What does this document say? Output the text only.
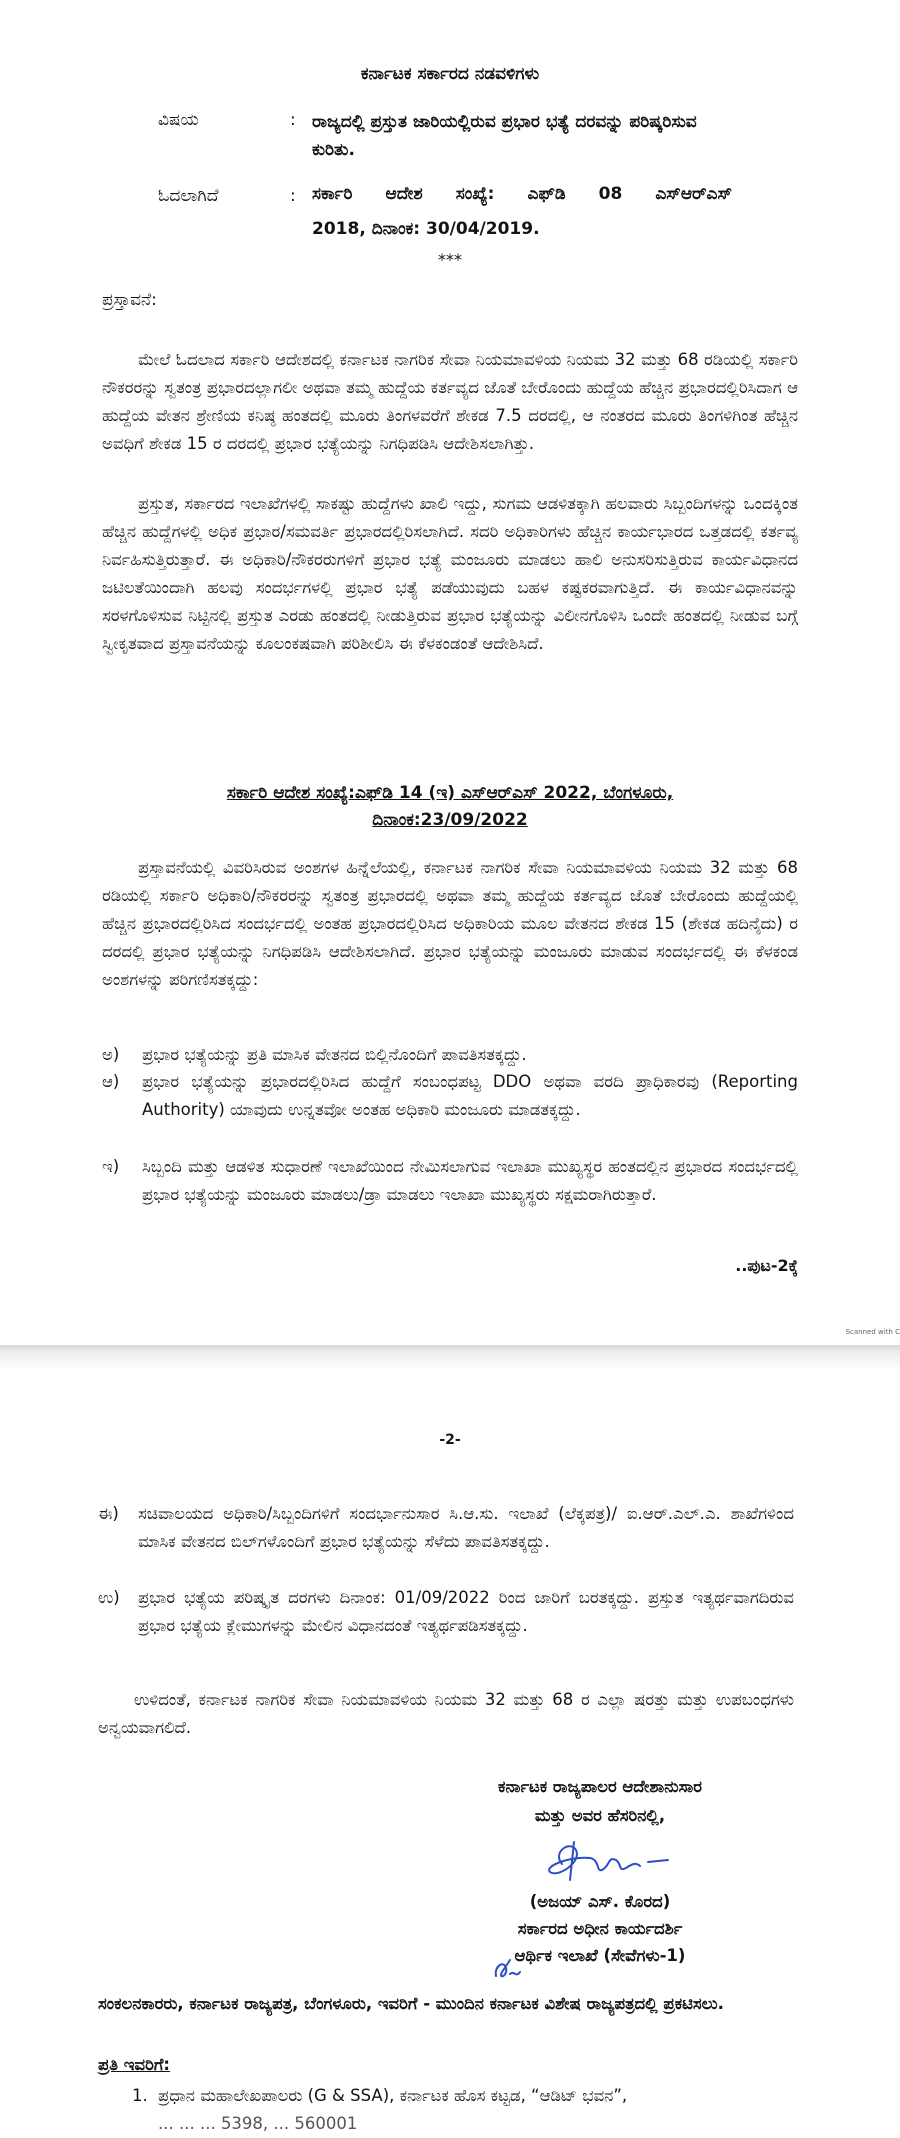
ಕರ್ನಾಟಕ ಸರ್ಕಾರದ ನಡವಳಿಗಳು
ವಿಷಯ	: ರಾಜ್ಯದಲ್ಲಿ ಪ್ರಸ್ತುತ ಜಾರಿಯಲ್ಲಿರುವ ಪ್ರಭಾರ ಭತ್ಯೆ ದರವನ್ನು ಪರಿಷ್ಕರಿಸುವ ಕುರಿತು.
ಓದಲಾಗಿದೆ	: ಸರ್ಕಾರಿ ಆದೇಶ ಸಂಖ್ಯೆ: ಎಫ್‌ಡಿ 08 ಎಸ್‌ಆರ್‌ಎಸ್
2018, ದಿನಾಂಕ: 30/04/2019.
***
ಪ್ರಸ್ತಾವನೆ:
ಮೇಲೆ ಓದಲಾದ ಸರ್ಕಾರಿ ಆದೇಶದಲ್ಲಿ ಕರ್ನಾಟಕ ನಾಗರಿಕ ಸೇವಾ ನಿಯಮಾವಳಿಯ ನಿಯಮ 32 ಮತ್ತು 68 ರಡಿಯಲ್ಲಿ ಸರ್ಕಾರಿ ನೌಕರರನ್ನು ಸ್ವತಂತ್ರ ಪ್ರಭಾರದಲ್ಲಾಗಲೀ ಅಥವಾ ತಮ್ಮ ಹುದ್ದೆಯ ಕರ್ತವ್ಯದ ಜೊತೆ ಬೇರೊಂದು ಹುದ್ದೆಯ ಹೆಚ್ಚಿನ ಪ್ರಭಾರದಲ್ಲಿರಿಸಿದಾಗ ಆ ಹುದ್ದೆಯ ವೇತನ ಶ್ರೇಣಿಯ ಕನಿಷ್ಠ ಹಂತದಲ್ಲಿ ಮೂರು ತಿಂಗಳವರೆಗೆ ಶೇಕಡ 7.5 ದರದಲ್ಲಿ, ಆ ನಂತರದ ಮೂರು ತಿಂಗಳಿಗಿಂತ ಹೆಚ್ಚಿನ ಅವಧಿಗೆ ಶೇಕಡ 15 ರ ದರದಲ್ಲಿ ಪ್ರಭಾರ ಭತ್ಯೆಯನ್ನು ನಿಗಧಿಪಡಿಸಿ ಆದೇಶಿಸಲಾಗಿತ್ತು.
ಪ್ರಸ್ತುತ, ಸರ್ಕಾರದ ಇಲಾಖೆಗಳಲ್ಲಿ ಸಾಕಷ್ಟು ಹುದ್ದೆಗಳು ಖಾಲಿ ಇದ್ದು, ಸುಗಮ ಆಡಳಿತಕ್ಕಾಗಿ ಹಲವಾರು ಸಿಬ್ಬಂದಿಗಳನ್ನು ಒಂದಕ್ಕಿಂತ ಹೆಚ್ಚಿನ ಹುದ್ದೆಗಳಲ್ಲಿ ಅಧಿಕ ಪ್ರಭಾರ/ಸಮವರ್ತಿ ಪ್ರಭಾರದಲ್ಲಿರಿಸಲಾಗಿದೆ. ಸದರಿ ಅಧಿಕಾರಿಗಳು ಹೆಚ್ಚಿನ ಕಾರ್ಯಭಾರದ ಒತ್ತಡದಲ್ಲಿ ಕರ್ತವ್ಯ ನಿರ್ವಹಿಸುತ್ತಿರುತ್ತಾರೆ. ಈ ಅಧಿಕಾರಿ/ನೌಕರರುಗಳಿಗೆ ಪ್ರಭಾರ ಭತ್ಯೆ ಮಂಜೂರು ಮಾಡಲು ಹಾಲಿ ಅನುಸರಿಸುತ್ತಿರುವ ಕಾರ್ಯವಿಧಾನದ ಜಟಿಲತೆಯಿಂದಾಗಿ ಹಲವು ಸಂದರ್ಭಗಳಲ್ಲಿ ಪ್ರಭಾರ ಭತ್ಯೆ ಪಡೆಯುವುದು ಬಹಳ ಕಷ್ಟಕರವಾಗುತ್ತಿದೆ. ಈ ಕಾರ್ಯವಿಧಾನವನ್ನು ಸರಳಗೊಳಿಸುವ ನಿಟ್ಟಿನಲ್ಲಿ ಪ್ರಸ್ತುತ ಎರಡು ಹಂತದಲ್ಲಿ ನೀಡುತ್ತಿರುವ ಪ್ರಭಾರ ಭತ್ಯೆಯನ್ನು ವಿಲೀನಗೊಳಿಸಿ ಒಂದೇ ಹಂತದಲ್ಲಿ ನೀಡುವ ಬಗ್ಗೆ ಸ್ವೀಕೃತವಾದ ಪ್ರಸ್ತಾವನೆಯನ್ನು ಕೂಲಂಕಷವಾಗಿ ಪರಿಶೀಲಿಸಿ ಈ ಕೆಳಕಂಡಂತೆ ಆದೇಶಿಸಿದೆ.
ಸರ್ಕಾರಿ ಆದೇಶ ಸಂಖ್ಯೆ:ಎಫ್‌ಡಿ 14 (ಇ) ಎಸ್‌ಆರ್‌ಎಸ್ 2022, ಬೆಂಗಳೂರು,
ದಿನಾಂಕ:23/09/2022
ಪ್ರಸ್ತಾವನೆಯಲ್ಲಿ ವಿವರಿಸಿರುವ ಅಂಶಗಳ ಹಿನ್ನೆಲೆಯಲ್ಲಿ, ಕರ್ನಾಟಕ ನಾಗರಿಕ ಸೇವಾ ನಿಯಮಾವಳಿಯ ನಿಯಮ 32 ಮತ್ತು 68 ರಡಿಯಲ್ಲಿ ಸರ್ಕಾರಿ ಅಧಿಕಾರಿ/ನೌಕರರನ್ನು ಸ್ವತಂತ್ರ ಪ್ರಭಾರದಲ್ಲಿ ಅಥವಾ ತಮ್ಮ ಹುದ್ದೆಯ ಕರ್ತವ್ಯದ ಜೊತೆ ಬೇರೊಂದು ಹುದ್ದೆಯಲ್ಲಿ ಹೆಚ್ಚಿನ ಪ್ರಭಾರದಲ್ಲಿರಿಸಿದ ಸಂದರ್ಭದಲ್ಲಿ ಅಂತಹ ಪ್ರಭಾರದಲ್ಲಿರಿಸಿದ ಅಧಿಕಾರಿಯ ಮೂಲ ವೇತನದ ಶೇಕಡ 15 (ಶೇಕಡ ಹದಿನೈದು) ರ ದರದಲ್ಲಿ ಪ್ರಭಾರ ಭತ್ಯೆಯನ್ನು ನಿಗಧಿಪಡಿಸಿ ಆದೇಶಿಸಲಾಗಿದೆ. ಪ್ರಭಾರ ಭತ್ಯೆಯನ್ನು ಮಂಜೂರು ಮಾಡುವ ಸಂದರ್ಭದಲ್ಲಿ ಈ ಕೆಳಕಂಡ ಅಂಶಗಳನ್ನು ಪರಿಗಣಿಸತಕ್ಕದ್ದು:
ಅ) ಪ್ರಭಾರ ಭತ್ಯೆಯನ್ನು ಪ್ರತಿ ಮಾಸಿಕ ವೇತನದ ಬಿಲ್ಲಿನೊಂದಿಗೆ ಪಾವತಿಸತಕ್ಕದ್ದು.
ಆ) ಪ್ರಭಾರ ಭತ್ಯೆಯನ್ನು ಪ್ರಭಾರದಲ್ಲಿರಿಸಿದ ಹುದ್ದೆಗೆ ಸಂಬಂಧಪಟ್ಟ DDO ಅಥವಾ ವರದಿ ಪ್ರಾಧಿಕಾರವು (Reporting Authority) ಯಾವುದು ಉನ್ನತವೋ ಅಂತಹ ಅಧಿಕಾರಿ ಮಂಜೂರು ಮಾಡತಕ್ಕದ್ದು.
ಇ) ಸಿಬ್ಬಂದಿ ಮತ್ತು ಆಡಳಿತ ಸುಧಾರಣೆ ಇಲಾಖೆಯಿಂದ ನೇಮಿಸಲಾಗುವ ಇಲಾಖಾ ಮುಖ್ಯಸ್ಥರ ಹಂತದಲ್ಲಿನ ಪ್ರಭಾರದ ಸಂದರ್ಭದಲ್ಲಿ ಪ್ರಭಾರ ಭತ್ಯೆಯನ್ನು ಮಂಜೂರು ಮಾಡಲು/ಡ್ರಾ ಮಾಡಲು ಇಲಾಖಾ ಮುಖ್ಯಸ್ಥರು ಸಕ್ಷಮರಾಗಿರುತ್ತಾರೆ.
..ಪುಟ-2ಕ್ಕೆ
Scanned with C
-2-
ಈ) ಸಚಿವಾಲಯದ ಅಧಿಕಾರಿ/ಸಿಬ್ಬಂದಿಗಳಿಗೆ ಸಂದರ್ಭಾನುಸಾರ ಸಿ.ಆ.ಸು. ಇಲಾಖೆ (ಲೆಕ್ಕಪತ್ರ)/ ಐ.ಆರ್.ಎಲ್.ಎ. ಶಾಖೆಗಳಿಂದ ಮಾಸಿಕ ವೇತನದ ಬಿಲ್‌ಗಳೊಂದಿಗೆ ಪ್ರಭಾರ ಭತ್ಯೆಯನ್ನು ಸೆಳೆದು ಪಾವತಿಸತಕ್ಕದ್ದು.
ಉ) ಪ್ರಭಾರ ಭತ್ಯೆಯ ಪರಿಷ್ಕೃತ ದರಗಳು ದಿನಾಂಕ: 01/09/2022 ರಿಂದ ಜಾರಿಗೆ ಬರತಕ್ಕದ್ದು. ಪ್ರಸ್ತುತ ಇತ್ಯರ್ಥವಾಗದಿರುವ ಪ್ರಭಾರ ಭತ್ಯೆಯ ಕ್ಲೇಮುಗಳನ್ನು ಮೇಲಿನ ವಿಧಾನದಂತೆ ಇತ್ಯರ್ಥಪಡಿಸತಕ್ಕದ್ದು.
ಉಳಿದಂತೆ, ಕರ್ನಾಟಕ ನಾಗರಿಕ ಸೇವಾ ನಿಯಮಾವಳಿಯ ನಿಯಮ 32 ಮತ್ತು 68 ರ ಎಲ್ಲಾ ಷರತ್ತು ಮತ್ತು ಉಪಬಂಧಗಳು ಅನ್ವಯವಾಗಲಿದೆ.
ಕರ್ನಾಟಕ ರಾಜ್ಯಪಾಲರ ಆದೇಶಾನುಸಾರ
ಮತ್ತು ಅವರ ಹೆಸರಿನಲ್ಲಿ,
(ಅಜಯ್ ಎಸ್. ಕೊರದ)
ಸರ್ಕಾರದ ಅಧೀನ ಕಾರ್ಯದರ್ಶಿ
ಆರ್ಥಿಕ ಇಲಾಖೆ (ಸೇವೆಗಳು-1)
ಸಂಕಲನಕಾರರು, ಕರ್ನಾಟಕ ರಾಜ್ಯಪತ್ರ, ಬೆಂಗಳೂರು, ಇವರಿಗೆ - ಮುಂದಿನ ಕರ್ನಾಟಕ ವಿಶೇಷ ರಾಜ್ಯಪತ್ರದಲ್ಲಿ ಪ್ರಕಟಿಸಲು.
ಪ್ರತಿ ಇವರಿಗೆ:
1. ಪ್ರಧಾನ ಮಹಾಲೇಖಪಾಲರು (G & SSA), ಕರ್ನಾಟಕ ಹೊಸ ಕಟ್ಟಡ, “ಆಡಿಟ್ ಭವನ”,
... ... ... 5398, ... 560001
